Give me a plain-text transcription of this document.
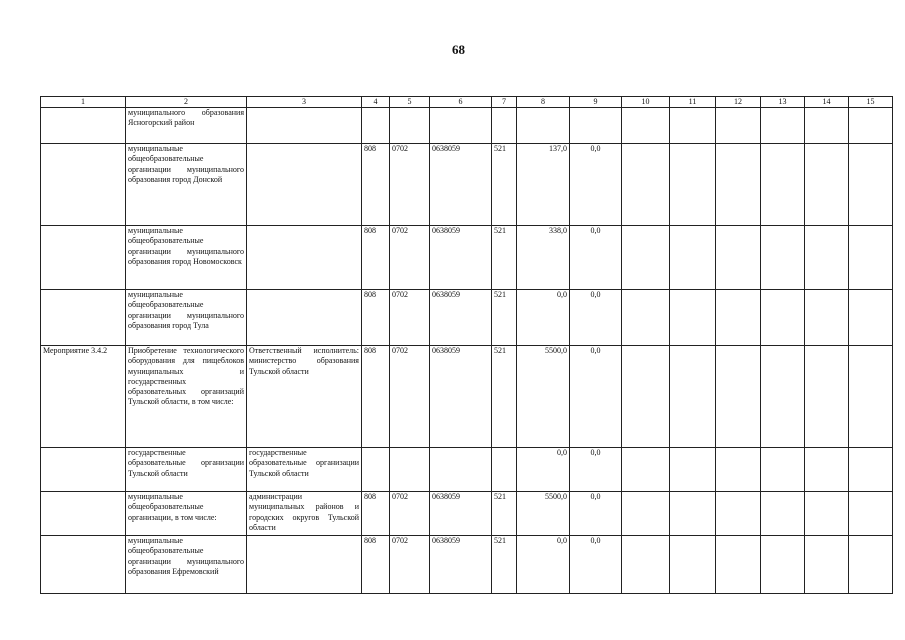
68
1	2	3	4	5	6	7	8	9	10	11	12	13	14	15
	муниципального образования Ясногорский район													
	муниципальные общеобразовательные организации муниципального образования город Донской		808	0702	0638059	521	137,0	0,0						
	муниципальные общеобразовательные организации муниципального образования город Новомосковск		808	0702	0638059	521	338,0	0,0						
	муниципальные общеобразовательные организации муниципального образования город Тула		808	0702	0638059	521	0,0	0,0						
Мероприятие 3.4.2	Приобретение технологического оборудования для пищеблоков муниципальных и государственных образовательных организаций Тульской области, в том числе:	Ответственный исполнитель: министерство образования Тульской области	808	0702	0638059	521	5500,0	0,0						
	государственные образовательные организации Тульской области	государственные образовательные организации Тульской области					0,0	0,0						
	муниципальные общеобразовательные организации, в том числе:	администрации муниципальных районов и городских округов Тульской области	808	0702	0638059	521	5500,0	0,0						
	муниципальные общеобразовательные организации муниципального образования Ефремовский		808	0702	0638059	521	0,0	0,0						
